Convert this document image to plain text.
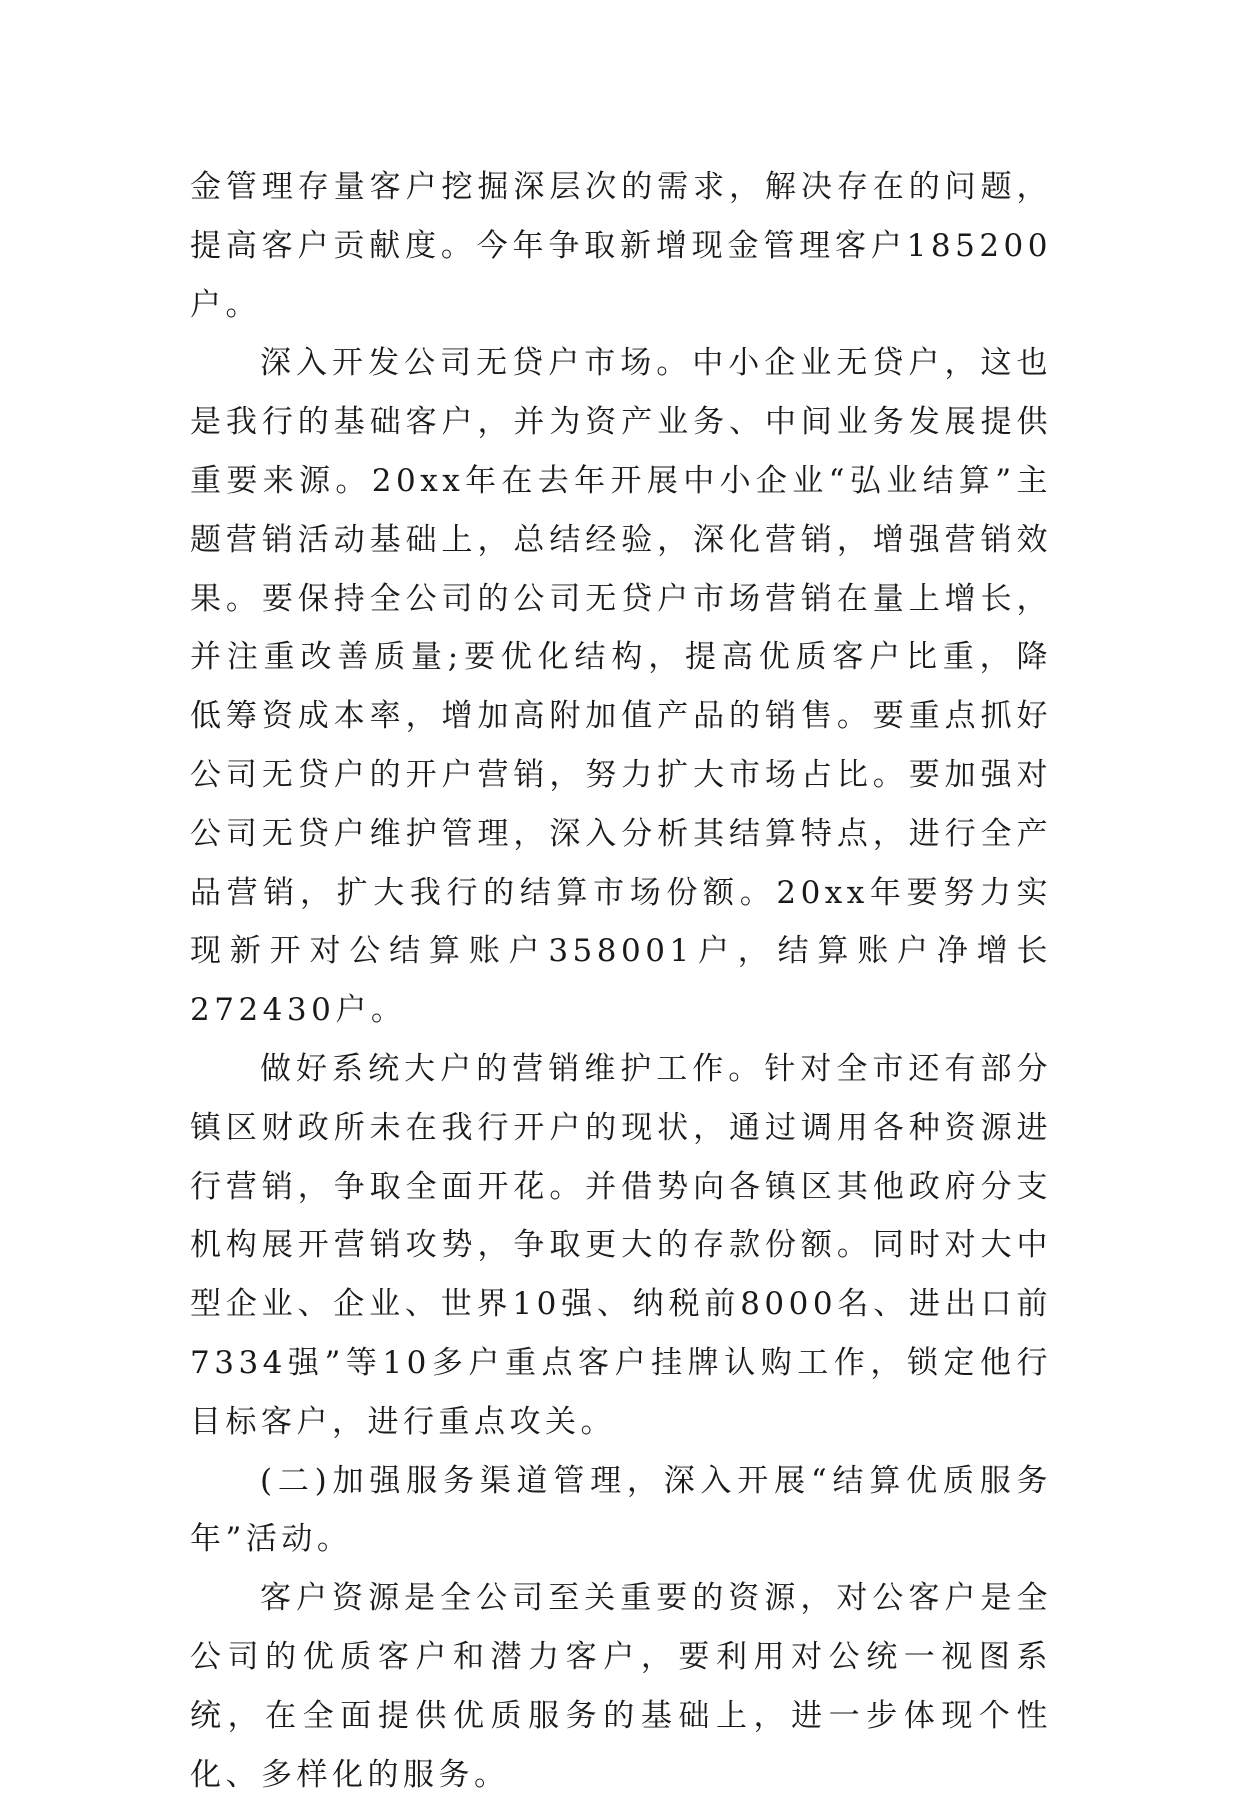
金管理存量客户挖掘深层次的需求，解决存在的问题，提高客户贡献度。今年争取新增现金管理客户185200户。

深入开发公司无贷户市场。中小企业无贷户，这也是我行的基础客户，并为资产业务、中间业务发展提供重要来源。20xx年在去年开展中小企业“弘业结算”主题营销活动基础上，总结经验，深化营销，增强营销效果。要保持全公司的公司无贷户市场营销在量上增长，并注重改善质量;要优化结构，提高优质客户比重，降低筹资成本率，增加高附加值产品的销售。要重点抓好公司无贷户的开户营销，努力扩大市场占比。要加强对公司无贷户维护管理，深入分析其结算特点，进行全产品营销，扩大我行的结算市场份额。20xx年要努力实现新开对公结算账户358001户，结算账户净增长272430户。

做好系统大户的营销维护工作。针对全市还有部分镇区财政所未在我行开户的现状，通过调用各种资源进行营销，争取全面开花。并借势向各镇区其他政府分支机构展开营销攻势，争取更大的存款份额。同时对大中型企业、企业、世界10强、纳税前8000名、进出口前7334强”等10多户重点客户挂牌认购工作，锁定他行目标客户，进行重点攻关。

(二)加强服务渠道管理，深入开展“结算优质服务年”活动。

客户资源是全公司至关重要的资源，对公客户是全公司的优质客户和潜力客户，要利用对公统一视图系统，在全面提供优质服务的基础上，进一步体现个性化、多样化的服务。
